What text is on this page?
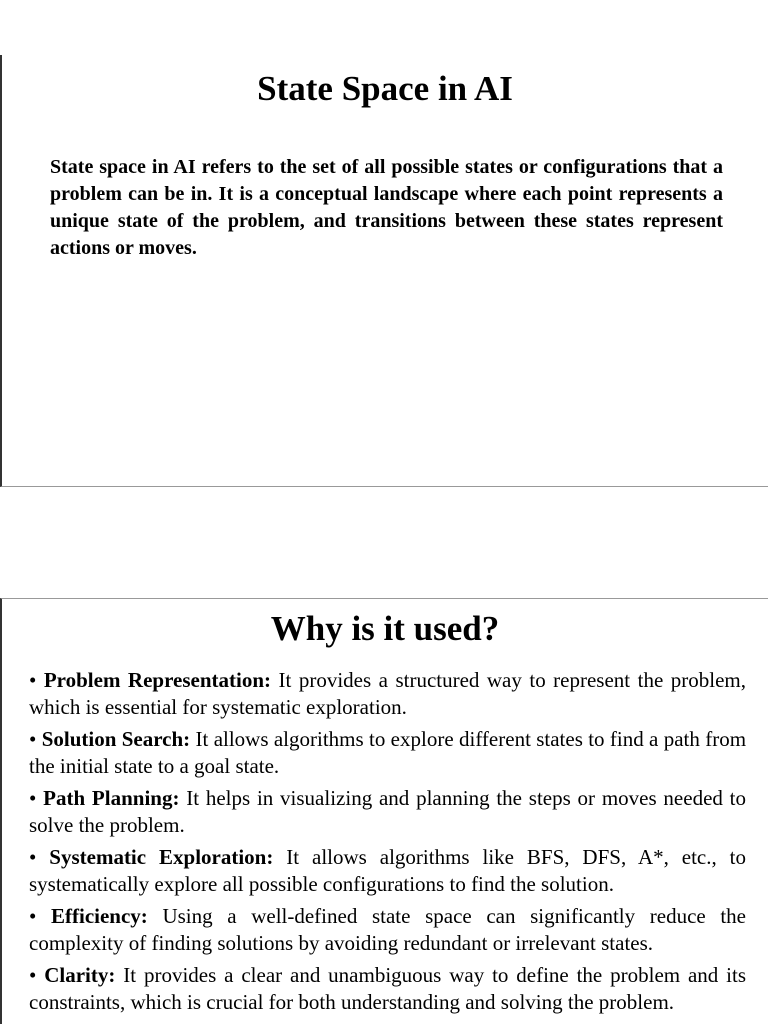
State Space in AI

State space in AI refers to the set of all possible states or configurations that a problem can be in. It is a conceptual landscape where each point represents a unique state of the problem, and transitions between these states represent actions or moves.

Why is it used?
• Problem Representation: It provides a structured way to represent the problem, which is essential for systematic exploration.
• Solution Search: It allows algorithms to explore different states to find a path from the initial state to a goal state.
• Path Planning: It helps in visualizing and planning the steps or moves needed to solve the problem.
• Systematic Exploration: It allows algorithms like BFS, DFS, A*, etc., to systematically explore all possible configurations to find the solution.
• Efficiency: Using a well-defined state space can significantly reduce the complexity of finding solutions by avoiding redundant or irrelevant states.
• Clarity: It provides a clear and unambiguous way to define the problem and its constraints, which is crucial for both understanding and solving the problem.
